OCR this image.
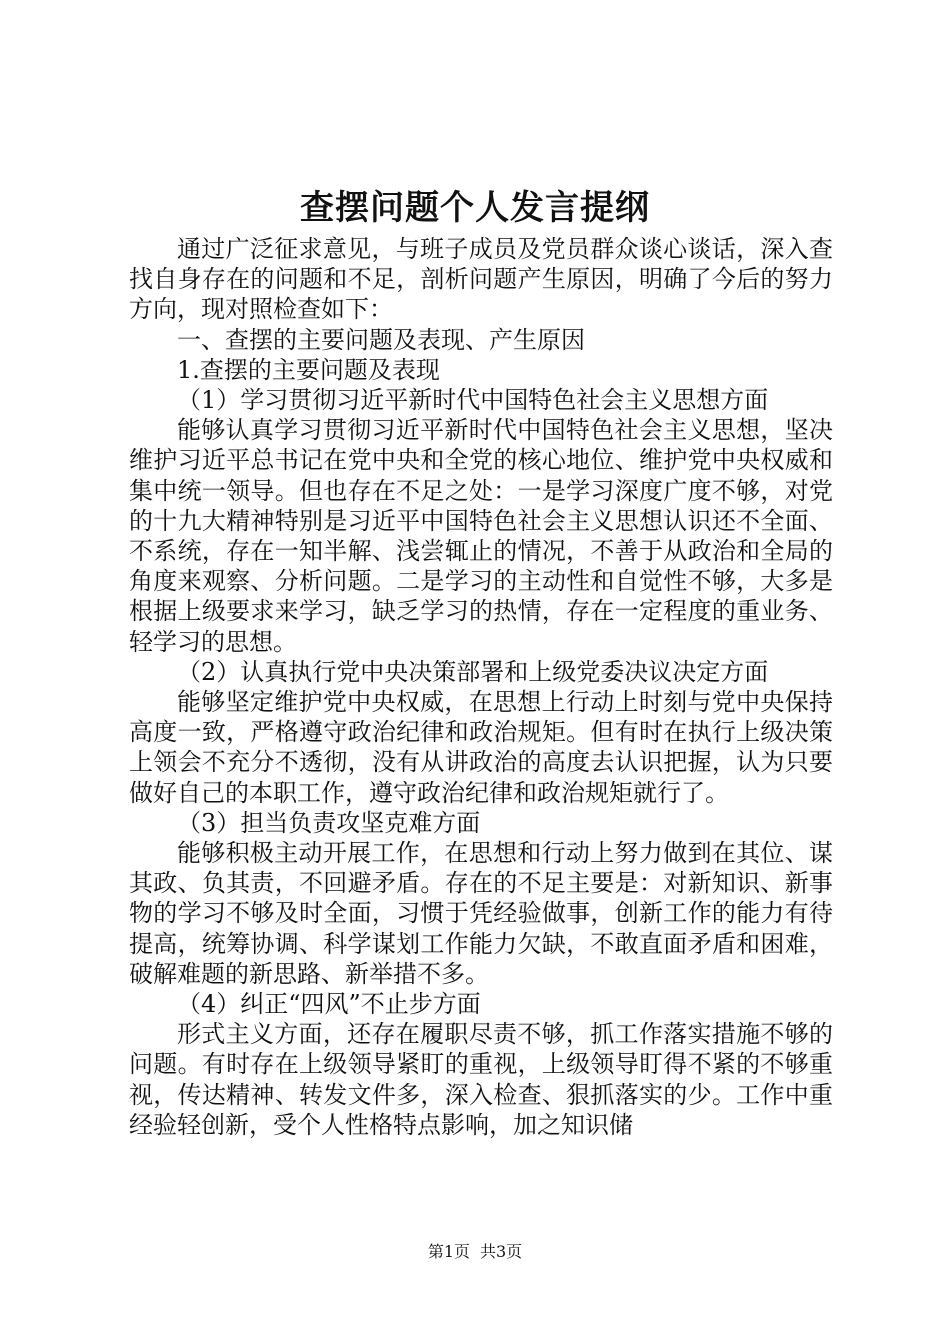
查摆问题个人发言提纲

通过广泛征求意见，与班子成员及党员群众谈心谈话，深入查找自身存在的问题和不足，剖析问题产生原因，明确了今后的努力方向，现对照检查如下：

一、查摆的主要问题及表现、产生原因

1.查摆的主要问题及表现

（1）学习贯彻习近平新时代中国特色社会主义思想方面

能够认真学习贯彻习近平新时代中国特色社会主义思想，坚决维护习近平总书记在党中央和全党的核心地位、维护党中央权威和集中统一领导。但也存在不足之处：一是学习深度广度不够，对党的十九大精神特别是习近平中国特色社会主义思想认识还不全面、不系统，存在一知半解、浅尝辄止的情况，不善于从政治和全局的角度来观察、分析问题。二是学习的主动性和自觉性不够，大多是根据上级要求来学习，缺乏学习的热情，存在一定程度的重业务、轻学习的思想。

（2）认真执行党中央决策部署和上级党委决议决定方面

能够坚定维护党中央权威，在思想上行动上时刻与党中央保持高度一致，严格遵守政治纪律和政治规矩。但有时在执行上级决策上领会不充分不透彻，没有从讲政治的高度去认识把握，认为只要做好自己的本职工作，遵守政治纪律和政治规矩就行了。

（3）担当负责攻坚克难方面

能够积极主动开展工作，在思想和行动上努力做到在其位、谋其政、负其责，不回避矛盾。存在的不足主要是：对新知识、新事物的学习不够及时全面，习惯于凭经验做事，创新工作的能力有待提高，统筹协调、科学谋划工作能力欠缺，不敢直面矛盾和困难，破解难题的新思路、新举措不多。

（4）纠正“四风”不止步方面

形式主义方面，还存在履职尽责不够，抓工作落实措施不够的问题。有时存在上级领导紧盯的重视，上级领导盯得不紧的不够重视，传达精神、转发文件多，深入检查、狠抓落实的少。工作中重经验轻创新，受个人性格特点影响，加之知识储

第1页 共3页
